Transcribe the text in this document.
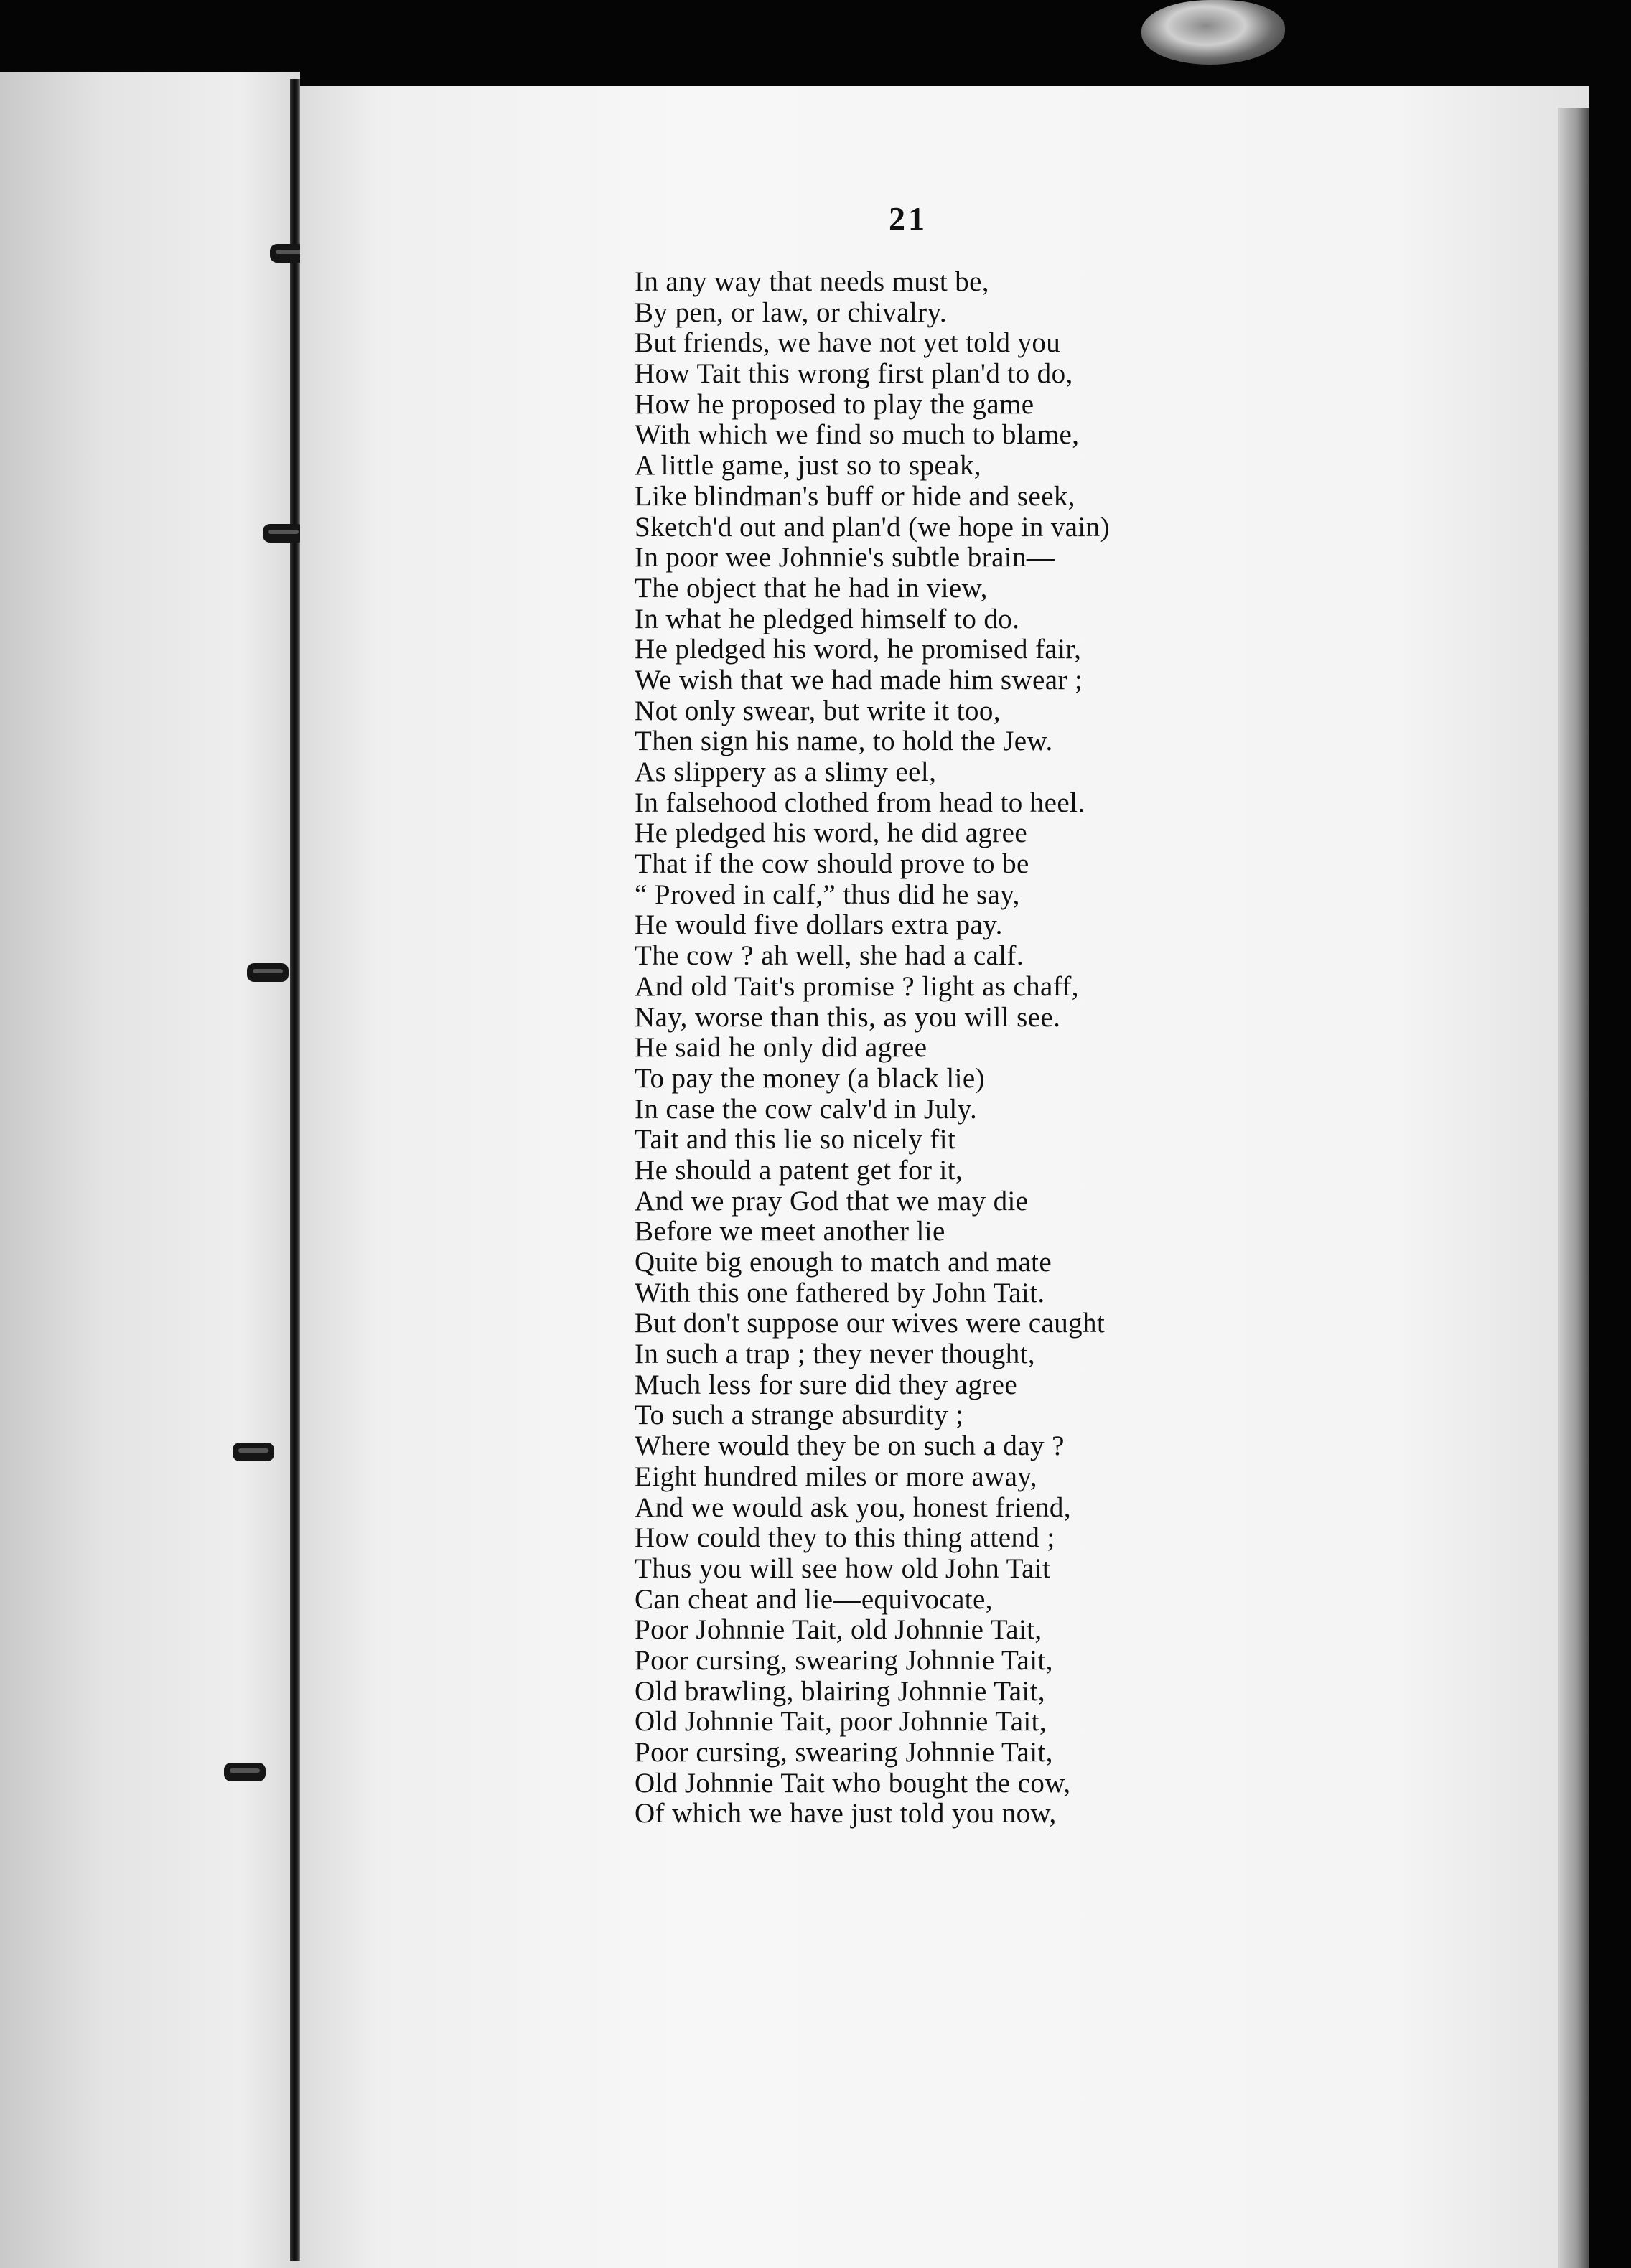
21
In any way that needs must be,
By pen, or law, or chivalry.
But friends, we have not yet told you
How Tait this wrong first plan'd to do,
How he proposed to play the game
With which we find so much to blame,
A little game, just so to speak,
Like blindman's buff or hide and seek,
Sketch'd out and plan'd (we hope in vain)
In poor wee Johnnie's subtle brain—
The object that he had in view,
In what he pledged himself to do.
He pledged his word, he promised fair,
We wish that we had made him swear ;
Not only swear, but write it too,
Then sign his name, to hold the Jew.
As slippery as a slimy eel,
In falsehood clothed from head to heel.
He pledged his word, he did agree
That if the cow should prove to be
“ Proved in calf,” thus did he say,
He would five dollars extra pay.
The cow ? ah well, she had a calf.
And old Tait's promise ? light as chaff,
Nay, worse than this, as you will see.
He said he only did agree
To pay the money (a black lie)
In case the cow calv'd in July.
Tait and this lie so nicely fit
He should a patent get for it,
And we pray God that we may die
Before we meet another lie
Quite big enough to match and mate
With this one fathered by John Tait.
But don't suppose our wives were caught
In such a trap ; they never thought,
Much less for sure did they agree
To such a strange absurdity ;
Where would they be on such a day ?
Eight hundred miles or more away,
And we would ask you, honest friend,
How could they to this thing attend ;
Thus you will see how old John Tait
Can cheat and lie—equivocate,
Poor Johnnie Tait, old Johnnie Tait,
Poor cursing, swearing Johnnie Tait,
Old brawling, blairing Johnnie Tait,
Old Johnnie Tait, poor Johnnie Tait,
Poor cursing, swearing Johnnie Tait,
Old Johnnie Tait who bought the cow,
Of which we have just told you now,
